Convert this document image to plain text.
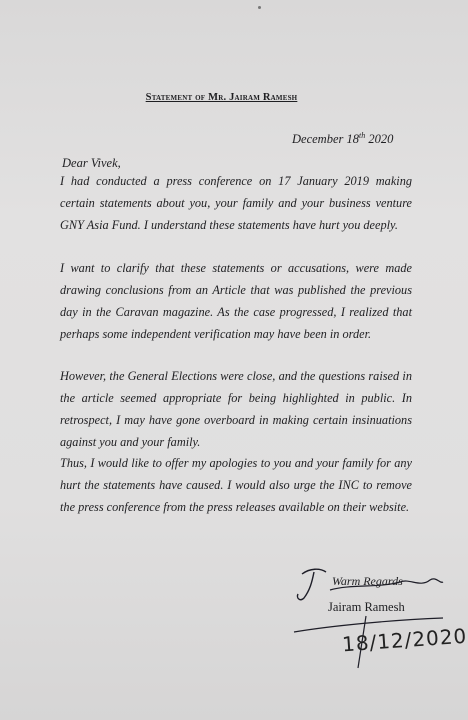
Statement of Mr. Jairam Ramesh
December 18th 2020
Dear Vivek,
I had conducted a press conference on 17 January 2019 making certain statements about you, your family and your business venture GNY Asia Fund. I understand these statements have hurt you deeply.
I want to clarify that these statements or accusations, were made drawing conclusions from an Article that was published the previous day in the Caravan magazine. As the case progressed, I realized that perhaps some independent verification may have been in order.
However, the General Elections were close, and the questions raised in the article seemed appropriate for being highlighted in public. In retrospect, I may have gone overboard in making certain insinuations against you and your family.
Thus, I would like to offer my apologies to you and your family for any hurt the statements have caused. I would also urge the INC to remove the press conference from the press releases available on their website.
Warm Regards
Jairam Ramesh
18/12/2020
